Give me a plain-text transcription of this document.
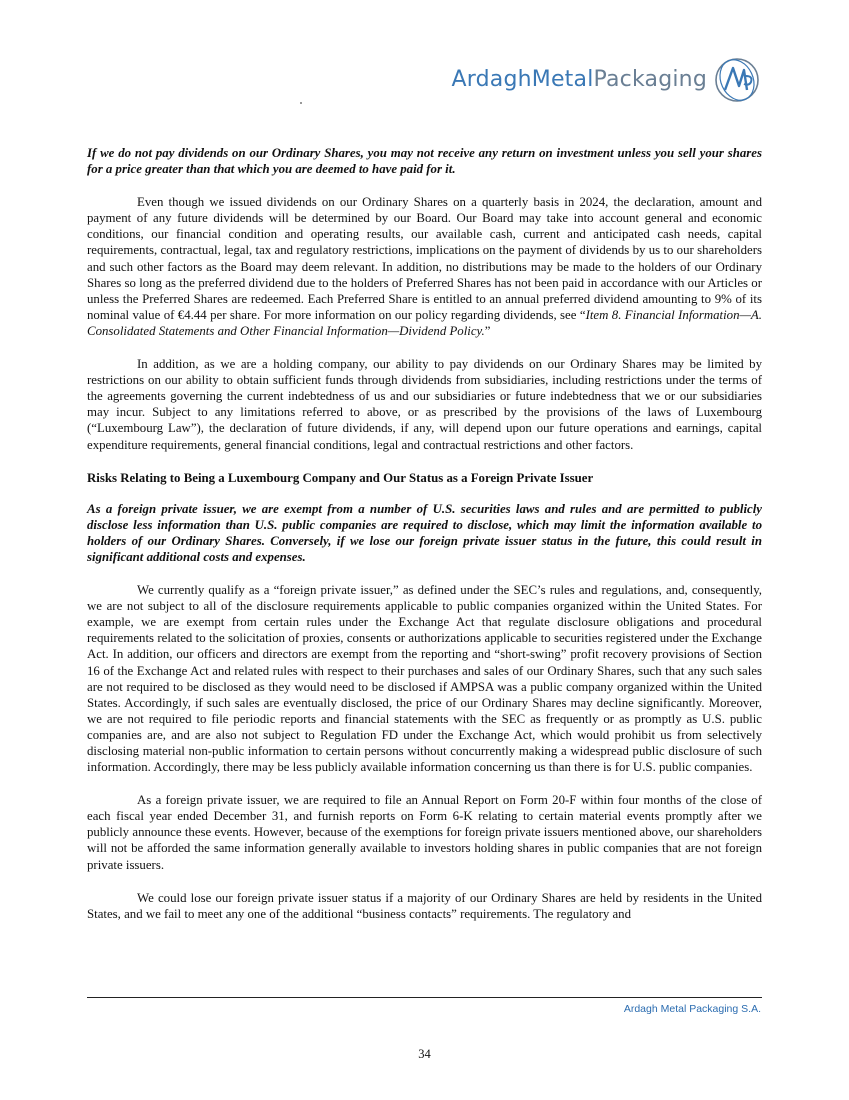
ArdaghMetalPackaging

If we do not pay dividends on our Ordinary Shares, you may not receive any return on investment unless you sell your shares for a price greater than that which you are deemed to have paid for it.

Even though we issued dividends on our Ordinary Shares on a quarterly basis in 2024, the declaration, amount and payment of any future dividends will be determined by our Board. Our Board may take into account general and economic conditions, our financial condition and operating results, our available cash, current and anticipated cash needs, capital requirements, contractual, legal, tax and regulatory restrictions, implications on the payment of dividends by us to our shareholders and such other factors as the Board may deem relevant. In addition, no distributions may be made to the holders of our Ordinary Shares so long as the preferred dividend due to the holders of Preferred Shares has not been paid in accordance with our Articles or unless the Preferred Shares are redeemed. Each Preferred Share is entitled to an annual preferred dividend amounting to 9% of its nominal value of €4.44 per share. For more information on our policy regarding dividends, see “Item 8. Financial Information—A. Consolidated Statements and Other Financial Information—Dividend Policy.”

In addition, as we are a holding company, our ability to pay dividends on our Ordinary Shares may be limited by restrictions on our ability to obtain sufficient funds through dividends from subsidiaries, including restrictions under the terms of the agreements governing the current indebtedness of us and our subsidiaries or future indebtedness that we or our subsidiaries may incur. Subject to any limitations referred to above, or as prescribed by the provisions of the laws of Luxembourg (“Luxembourg Law”), the declaration of future dividends, if any, will depend upon our future operations and earnings, capital expenditure requirements, general financial conditions, legal and contractual restrictions and other factors.

Risks Relating to Being a Luxembourg Company and Our Status as a Foreign Private Issuer

As a foreign private issuer, we are exempt from a number of U.S. securities laws and rules and are permitted to publicly disclose less information than U.S. public companies are required to disclose, which may limit the information available to holders of our Ordinary Shares. Conversely, if we lose our foreign private issuer status in the future, this could result in significant additional costs and expenses.

We currently qualify as a “foreign private issuer,” as defined under the SEC’s rules and regulations, and, consequently, we are not subject to all of the disclosure requirements applicable to public companies organized within the United States. For example, we are exempt from certain rules under the Exchange Act that regulate disclosure obligations and procedural requirements related to the solicitation of proxies, consents or authorizations applicable to securities registered under the Exchange Act. In addition, our officers and directors are exempt from the reporting and “short-swing” profit recovery provisions of Section 16 of the Exchange Act and related rules with respect to their purchases and sales of our Ordinary Shares, such that any such sales are not required to be disclosed as they would need to be disclosed if AMPSA was a public company organized within the United States. Accordingly, if such sales are eventually disclosed, the price of our Ordinary Shares may decline significantly. Moreover, we are not required to file periodic reports and financial statements with the SEC as frequently or as promptly as U.S. public companies are, and are also not subject to Regulation FD under the Exchange Act, which would prohibit us from selectively disclosing material non-public information to certain persons without concurrently making a widespread public disclosure of such information. Accordingly, there may be less publicly available information concerning us than there is for U.S. public companies.

As a foreign private issuer, we are required to file an Annual Report on Form 20-F within four months of the close of each fiscal year ended December 31, and furnish reports on Form 6-K relating to certain material events promptly after we publicly announce these events. However, because of the exemptions for foreign private issuers mentioned above, our shareholders will not be afforded the same information generally available to investors holding shares in public companies that are not foreign private issuers.

We could lose our foreign private issuer status if a majority of our Ordinary Shares are held by residents in the United States, and we fail to meet any one of the additional “business contacts” requirements. The regulatory and

Ardagh Metal Packaging S.A.
34
